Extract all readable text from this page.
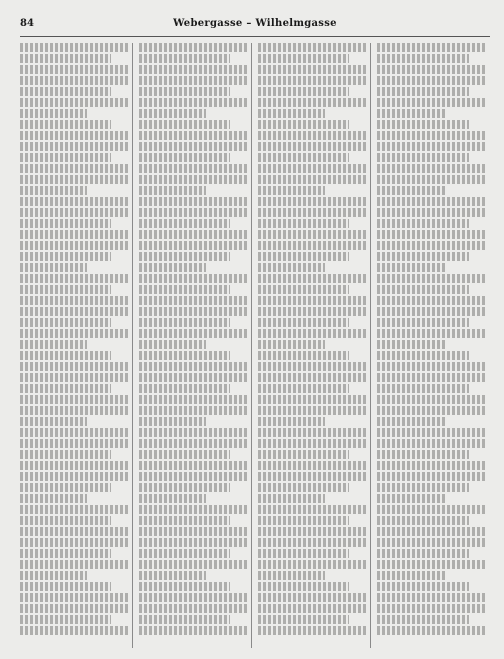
84	Webergasse – Wilhelmgasse
